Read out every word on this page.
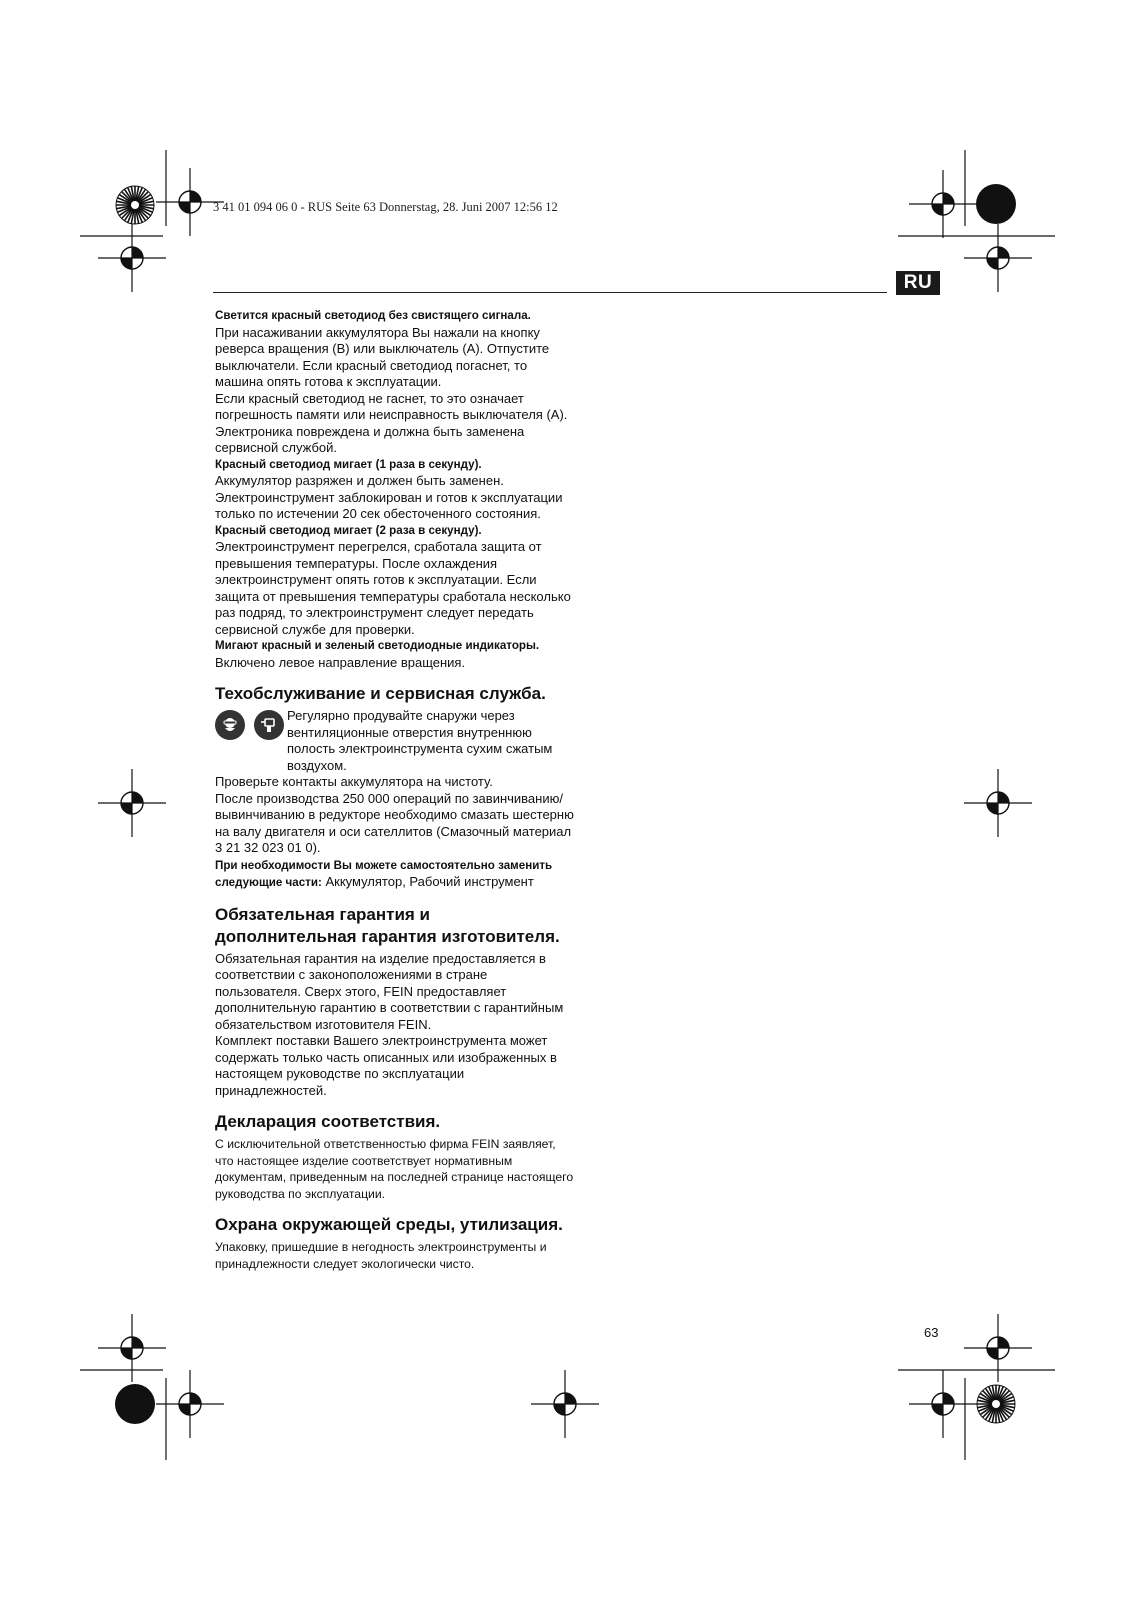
3 41 01 094 06 0 - RUS Seite 63 Donnerstag, 28. Juni 2007 12:56 12
RU

Светится красный светодиод без свистящего сигнала.

При насаживании аккумулятора Вы нажали на кнопку реверса вращения (B) или выключатель (A). Отпустите выключатели. Если красный светодиод погаснет, то машина опять готова к эксплуатации.

Если красный светодиод не гаснет, то это означает погрешность памяти или неисправность выключателя (A). Электроника повреждена и должна быть заменена сервисной службой.

Красный светодиод мигает (1 раза в секунду).

Аккумулятор разряжен и должен быть заменен. Электроинструмент заблокирован и готов к эксплуатации только по истечении 20 сек обесточенного состояния.

Красный светодиод мигает (2 раза в секунду).

Электроинструмент перегрелся, сработала защита от превышения температуры. После охлаждения электроинструмент опять готов к эксплуатации. Если защита от превышения температуры сработала несколько раз подряд, то электроинструмент следует передать сервисной службе для проверки.

Мигают красный и зеленый светодиодные индикаторы.

Включено левое направление вращения.

Техобслуживание и сервисная служба.

Регулярно продувайте снаружи через вентиляционные отверстия внутреннюю полость электроинструмента сухим сжатым воздухом.

Проверьте контакты аккумулятора на чистоту.

После производства 250 000 операций по завинчиванию/вывинчиванию в редукторе необходимо смазать шестерню на валу двигателя и оси сателлитов (Смазочный материал 3 21 32 023 01 0).

При необходимости Вы можете самостоятельно заменить следующие части: Аккумулятор, Рабочий инструмент

Обязательная гарантия и дополнительная гарантия изготовителя.

Обязательная гарантия на изделие предоставляется в соответствии с законоположениями в стране пользователя. Сверх этого, FEIN предоставляет дополнительную гарантию в соответствии с гарантийным обязательством изготовителя FEIN.

Комплект поставки Вашего электроинструмента может содержать только часть описанных или изображенных в настоящем руководстве по эксплуатации принадлежностей.

Декларация соответствия.

С исключительной ответственностью фирма FEIN заявляет, что настоящее изделие соответствует нормативным документам, приведенным на последней странице настоящего руководства по эксплуатации.

Охрана окружающей среды, утилизация.

Упаковку, пришедшие в негодность электроинструменты и принадлежности следует экологически чисто.

63
